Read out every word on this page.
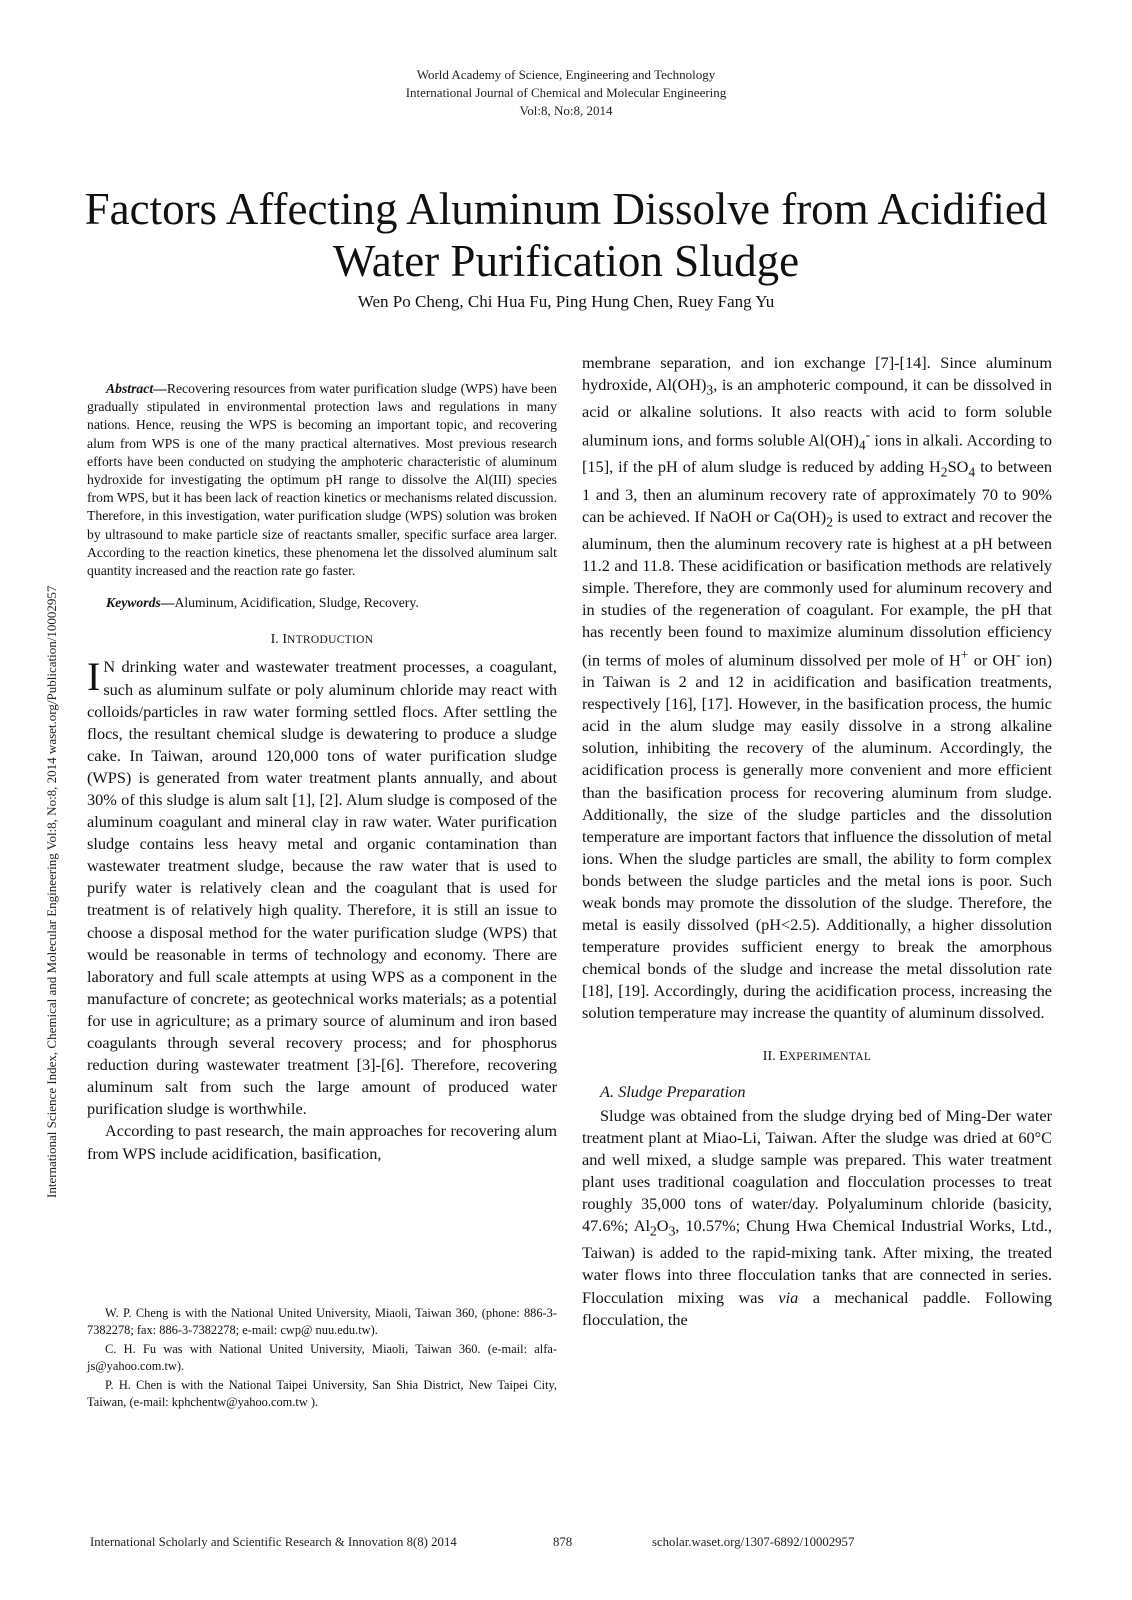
World Academy of Science, Engineering and Technology
International Journal of Chemical and Molecular Engineering
Vol:8, No:8, 2014
International Science Index, Chemical and Molecular Engineering Vol:8, No:8, 2014 waset.org/Publication/10002957
Factors Affecting Aluminum Dissolve from Acidified Water Purification Sludge
Wen Po Cheng, Chi Hua Fu, Ping Hung Chen, Ruey Fang Yu

Abstract—Recovering resources from water purification sludge (WPS) have been gradually stipulated in environmental protection laws and regulations in many nations. Hence, reusing the WPS is becoming an important topic, and recovering alum from WPS is one of the many practical alternatives. Most previous research efforts have been conducted on studying the amphoteric characteristic of aluminum hydroxide for investigating the optimum pH range to dissolve the Al(III) species from WPS, but it has been lack of reaction kinetics or mechanisms related discussion. Therefore, in this investigation, water purification sludge (WPS) solution was broken by ultrasound to make particle size of reactants smaller, specific surface area larger. According to the reaction kinetics, these phenomena let the dissolved aluminum salt quantity increased and the reaction rate go faster.

Keywords—Aluminum, Acidification, Sludge, Recovery.

I. INTRODUCTION

I N drinking water and wastewater treatment processes, a coagulant, such as aluminum sulfate or poly aluminum chloride may react with colloids/particles in raw water forming settled flocs. After settling the flocs, the resultant chemical sludge is dewatering to produce a sludge cake. In Taiwan, around 120,000 tons of water purification sludge (WPS) is generated from water treatment plants annually, and about 30% of this sludge is alum salt [1], [2]. Alum sludge is composed of the aluminum coagulant and mineral clay in raw water. Water purification sludge contains less heavy metal and organic contamination than wastewater treatment sludge, because the raw water that is used to purify water is relatively clean and the coagulant that is used for treatment is of relatively high quality. Therefore, it is still an issue to choose a disposal method for the water purification sludge (WPS) that would be reasonable in terms of technology and economy. There are laboratory and full scale attempts at using WPS as a component in the manufacture of concrete; as geotechnical works materials; as a potential for use in agriculture; as a primary source of aluminum and iron based coagulants through several recovery process; and for phosphorus reduction during wastewater treatment [3]-[6]. Therefore, recovering aluminum salt from such the large amount of produced water purification sludge is worthwhile.

According to past research, the main approaches for recovering alum from WPS include acidification, basification,

W. P. Cheng is with the National United University, Miaoli, Taiwan 360, (phone: 886-3-7382278; fax: 886-3-7382278; e-mail: cwp@ nuu.edu.tw).

C. H. Fu was with National United University, Miaoli, Taiwan 360. (e-mail: alfa-js@yahoo.com.tw).

P. H. Chen is with the National Taipei University, San Shia District, New Taipei City, Taiwan, (e-mail: kphchentw@yahoo.com.tw ).

membrane separation, and ion exchange [7]-[14]. Since aluminum hydroxide, $Al(OH)_3$, is an amphoteric compound, it can be dissolved in acid or alkaline solutions. It also reacts with acid to form soluble aluminum ions, and forms soluble $Al(OH)_4^-$ ions in alkali. According to [15], if the pH of alum sludge is reduced by adding $H_2SO_4$ to between 1 and 3, then an aluminum recovery rate of approximately 70 to 90% can be achieved. If NaOH or $Ca(OH)_2$ is used to extract and recover the aluminum, then the aluminum recovery rate is highest at a pH between 11.2 and 11.8. These acidification or basification methods are relatively simple. Therefore, they are commonly used for aluminum recovery and in studies of the regeneration of coagulant. For example, the pH that has recently been found to maximize aluminum dissolution efficiency (in terms of moles of aluminum dissolved per mole of H+ or OH- ion) in Taiwan is 2 and 12 in acidification and basification treatments, respectively [16], [17]. However, in the basification process, the humic acid in the alum sludge may easily dissolve in a strong alkaline solution, inhibiting the recovery of the aluminum. Accordingly, the acidification process is generally more convenient and more efficient than the basification process for recovering aluminum from sludge. Additionally, the size of the sludge particles and the dissolution temperature are important factors that influence the dissolution of metal ions. When the sludge particles are small, the ability to form complex bonds between the sludge particles and the metal ions is poor. Such weak bonds may promote the dissolution of the sludge. Therefore, the metal is easily dissolved (pH<2.5). Additionally, a higher dissolution temperature provides sufficient energy to break the amorphous chemical bonds of the sludge and increase the metal dissolution rate [18], [19]. Accordingly, during the acidification process, increasing the solution temperature may increase the quantity of aluminum dissolved.

II. EXPERIMENTAL
A. Sludge Preparation

Sludge was obtained from the sludge drying bed of Ming-Der water treatment plant at Miao-Li, Taiwan. After the sludge was dried at 60°C and well mixed, a sludge sample was prepared. This water treatment plant uses traditional coagulation and flocculation processes to treat roughly 35,000 tons of water/day. Polyaluminum chloride (basicity, 47.6%; $Al_2O_3$, 10.57%; Chung Hwa Chemical Industrial Works, Ltd., Taiwan) is added to the rapid-mixing tank. After mixing, the treated water flows into three flocculation tanks that are connected in series. Flocculation mixing was via a mechanical paddle. Following flocculation, the

International Scholarly and Scientific Research & Innovation 8(8) 2014	878	scholar.waset.org/1307-6892/10002957
